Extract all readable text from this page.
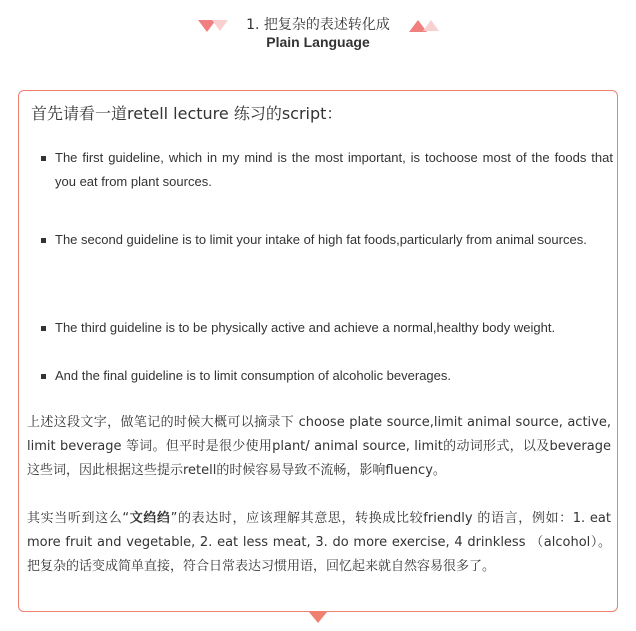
1. 把复杂的表述转化成
Plain Language
首先请看一道retell lecture 练习的script：
The first guideline, which in my mind is the most important, is tochoose most of the foods that you eat from plant sources.
The second guideline is to limit your intake of high fat foods,particularly from animal sources.
The third guideline is to be physically active and achieve a normal,healthy body weight.
And the final guideline is to limit consumption of alcoholic beverages.

上述这段文字，做笔记的时候大概可以摘录下 choose plate source,limit animal source, active, limit beverage 等词。但平时是很少使用plant/ animal source, limit的动词形式，以及beverage这些词，因此根据这些提示retell的时候容易导致不流畅，影响fluency。

其实当听到这么“文绉绉”的表达时，应该理解其意思，转换成比较friendly 的语言，例如：1. eat more fruit and vegetable, 2. eat less meat, 3. do more exercise, 4 drinkless （alcohol）。把复杂的话变成简单直接，符合日常表达习惯用语，回忆起来就自然容易很多了。
